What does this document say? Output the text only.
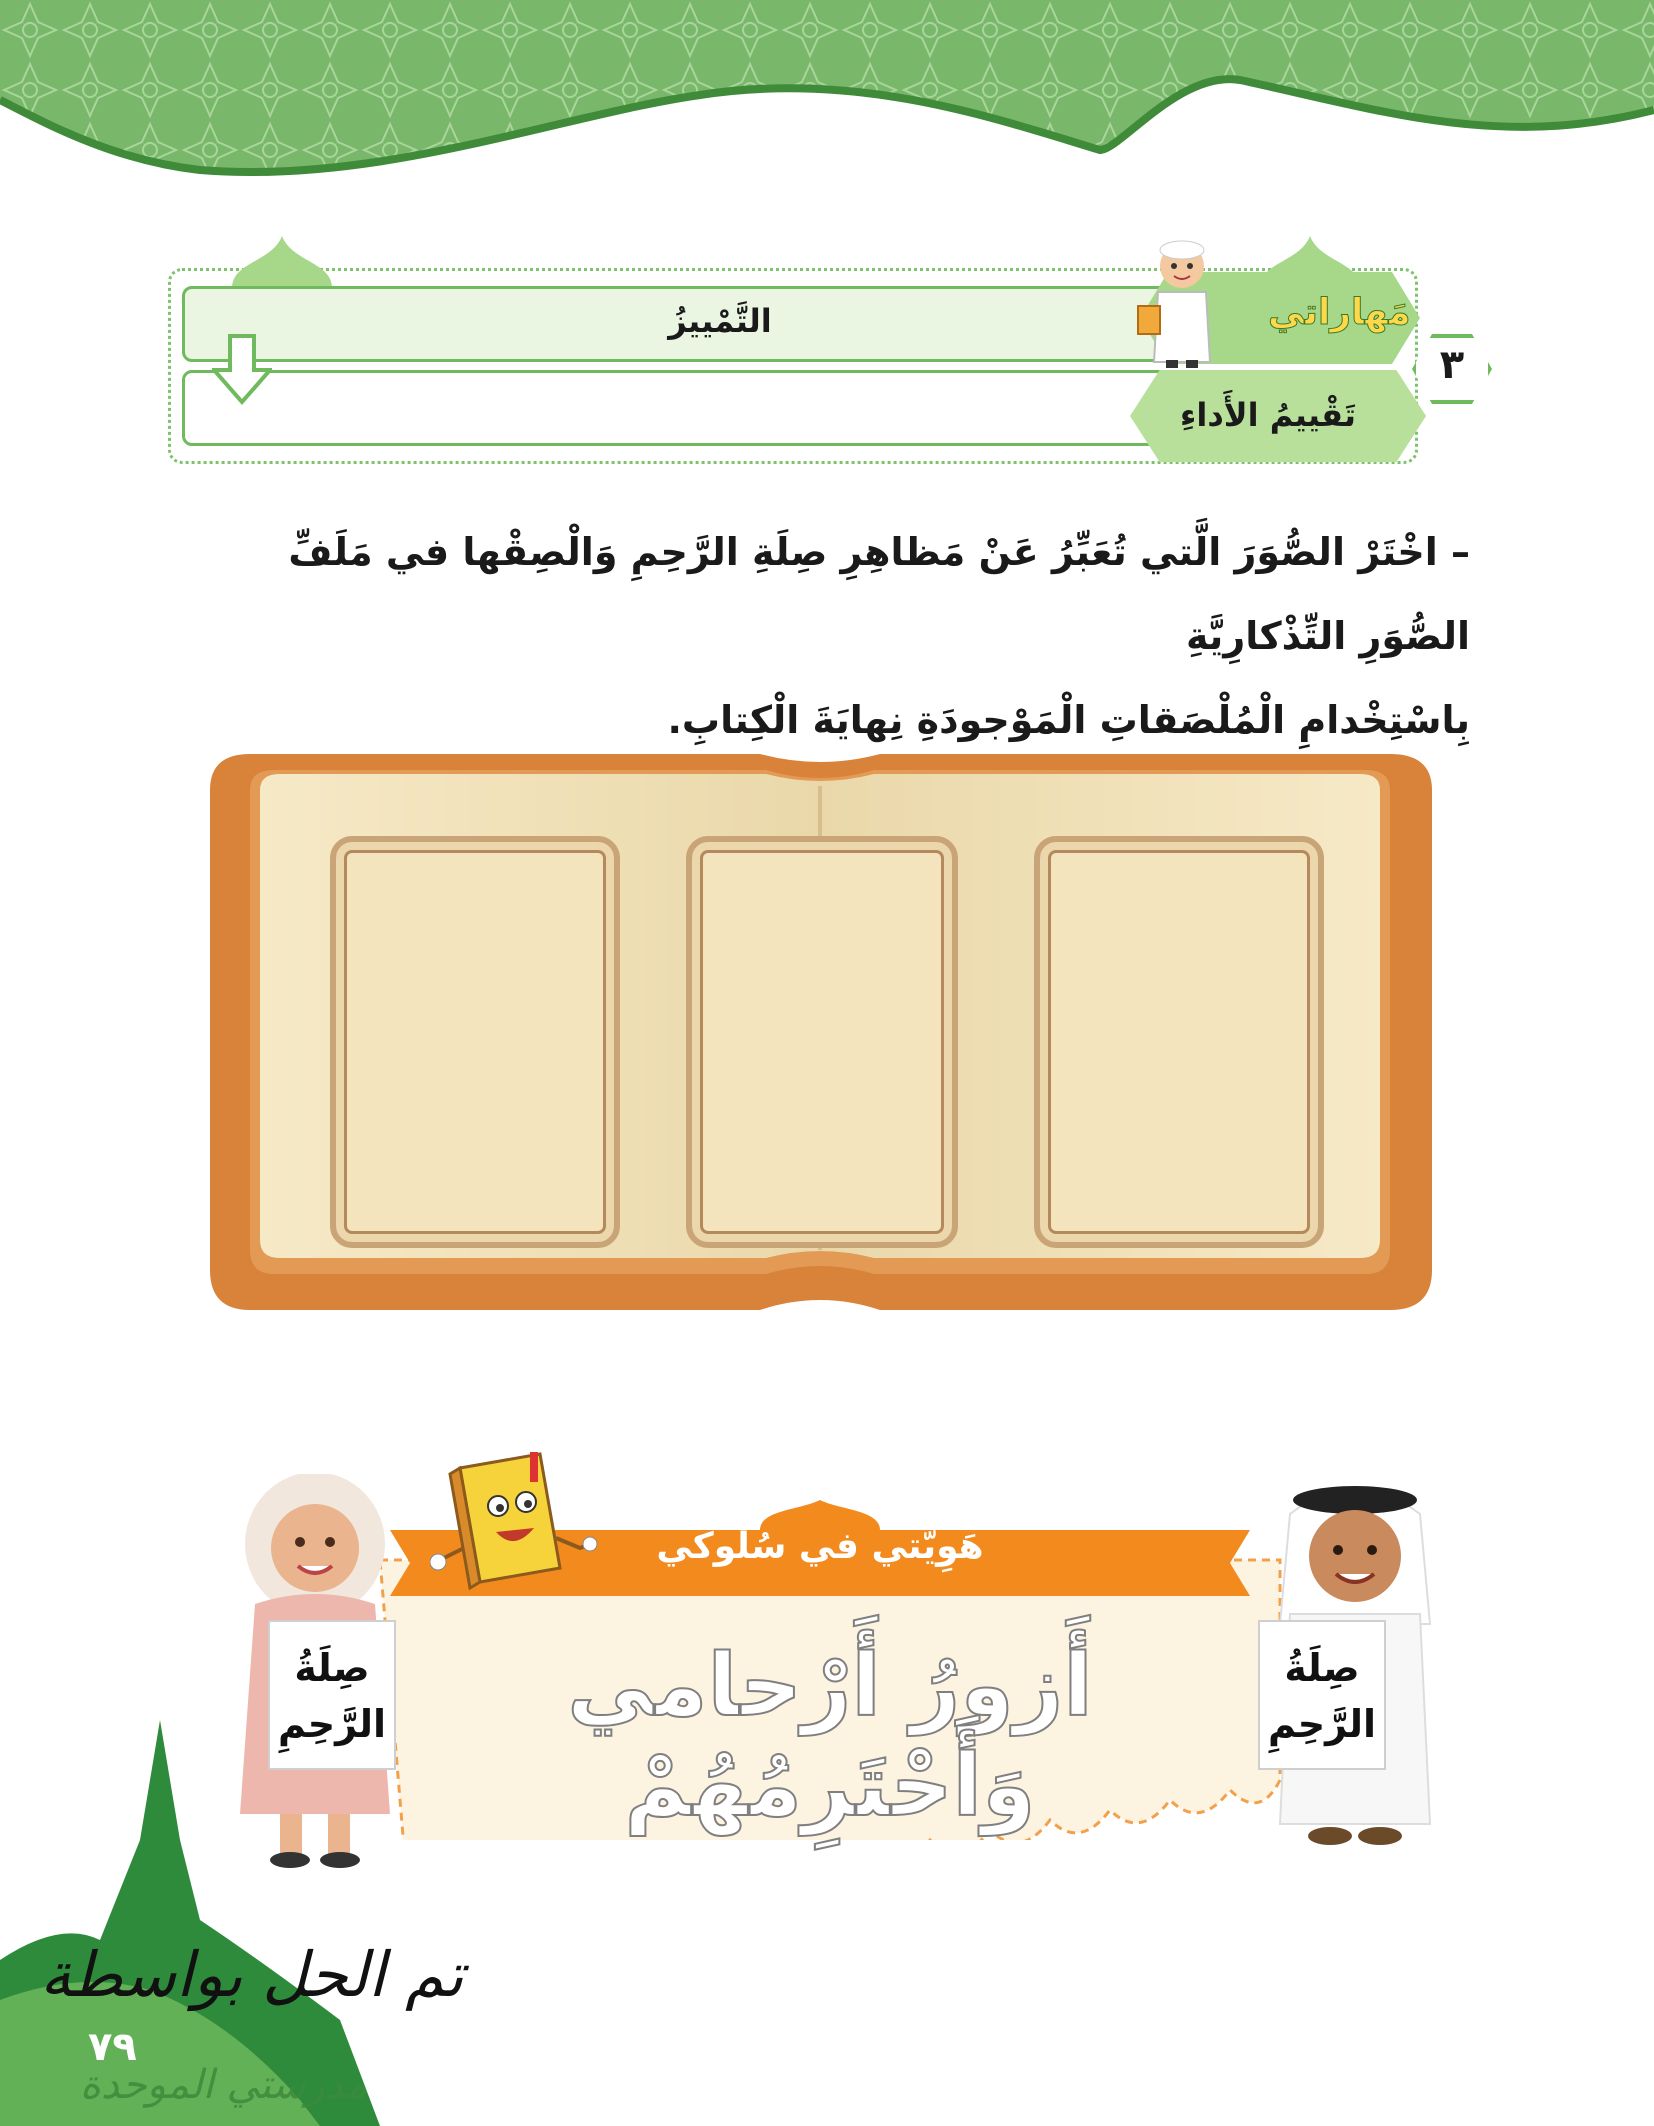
التَّمْييزُ	مَهاراتي
تَقْييمُ الأَداءِ
٣
– اخْتَرْ الصُّوَرَ الَّتي تُعَبِّرُ عَنْ مَظاهِرِ صِلَةِ الرَّحِمِ وَالْصِقْها في مَلَفِّ الصُّوَرِ التِّذْكارِيَّةِ
بِاسْتِخْدامِ الْمُلْصَقاتِ الْمَوْجودَةِ نِهايَةَ الْكِتابِ.
هَوِيَّتي في سُلوكي
أَزورُ أَرْحامي وَأَحْتَرِمُهُمْ
صِلَةُ
الرَّحِمِ
صِلَةُ
الرَّحِمِ
٧٩
تم الحل بواسطة
مدرستي الموحدة
